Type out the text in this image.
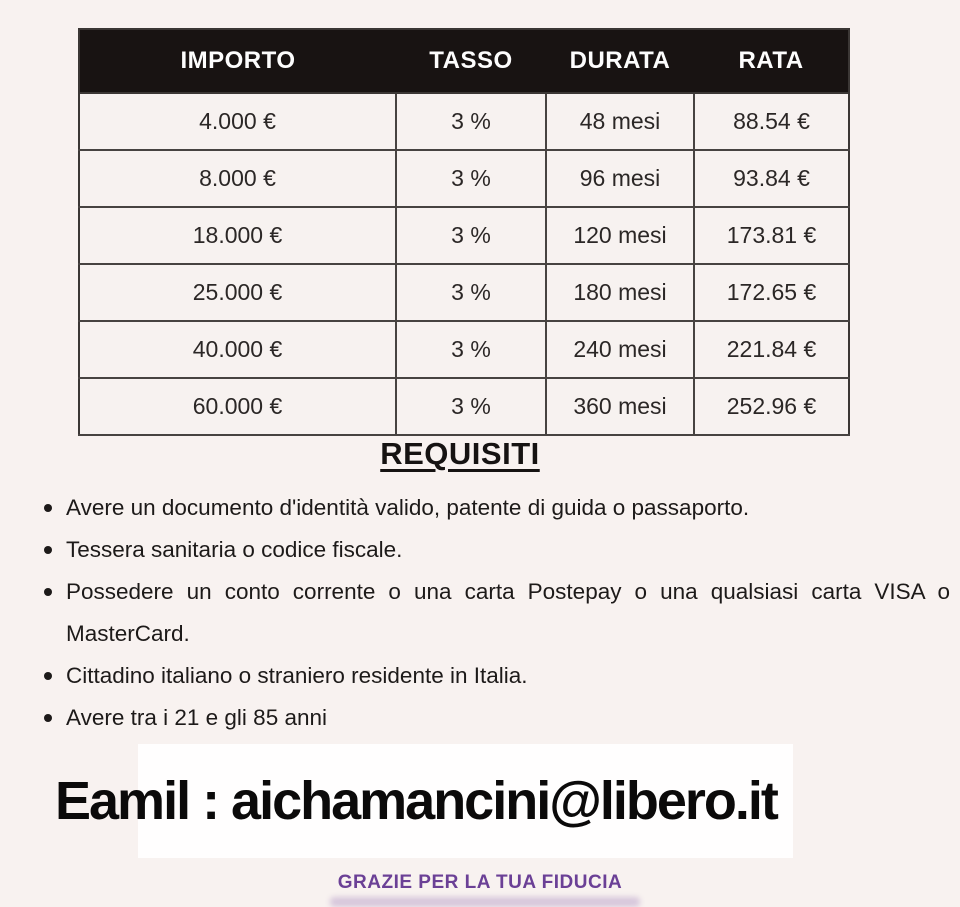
IMPORTO	TASSO	DURATA	RATA
4.000 €	3 %	48 mesi	88.54 €
8.000 €	3 %	96 mesi	93.84 €
18.000 €	3 %	120 mesi	173.81 €
25.000 €	3 %	180 mesi	172.65 €
40.000 €	3 %	240 mesi	221.84 €
60.000 €	3 %	360 mesi	252.96 €
REQUISITI
Avere un documento d'identità valido, patente di guida o passaporto.
Tessera sanitaria o codice fiscale.
Possedere un conto corrente o una carta Postepay o una qualsiasi carta VISA o MasterCard.
Cittadino italiano o straniero residente in Italia.
Avere tra i 21 e gli 85 anni
Eamil : aichamancini@libero.it
GRAZIE PER LA TUA FIDUCIA
